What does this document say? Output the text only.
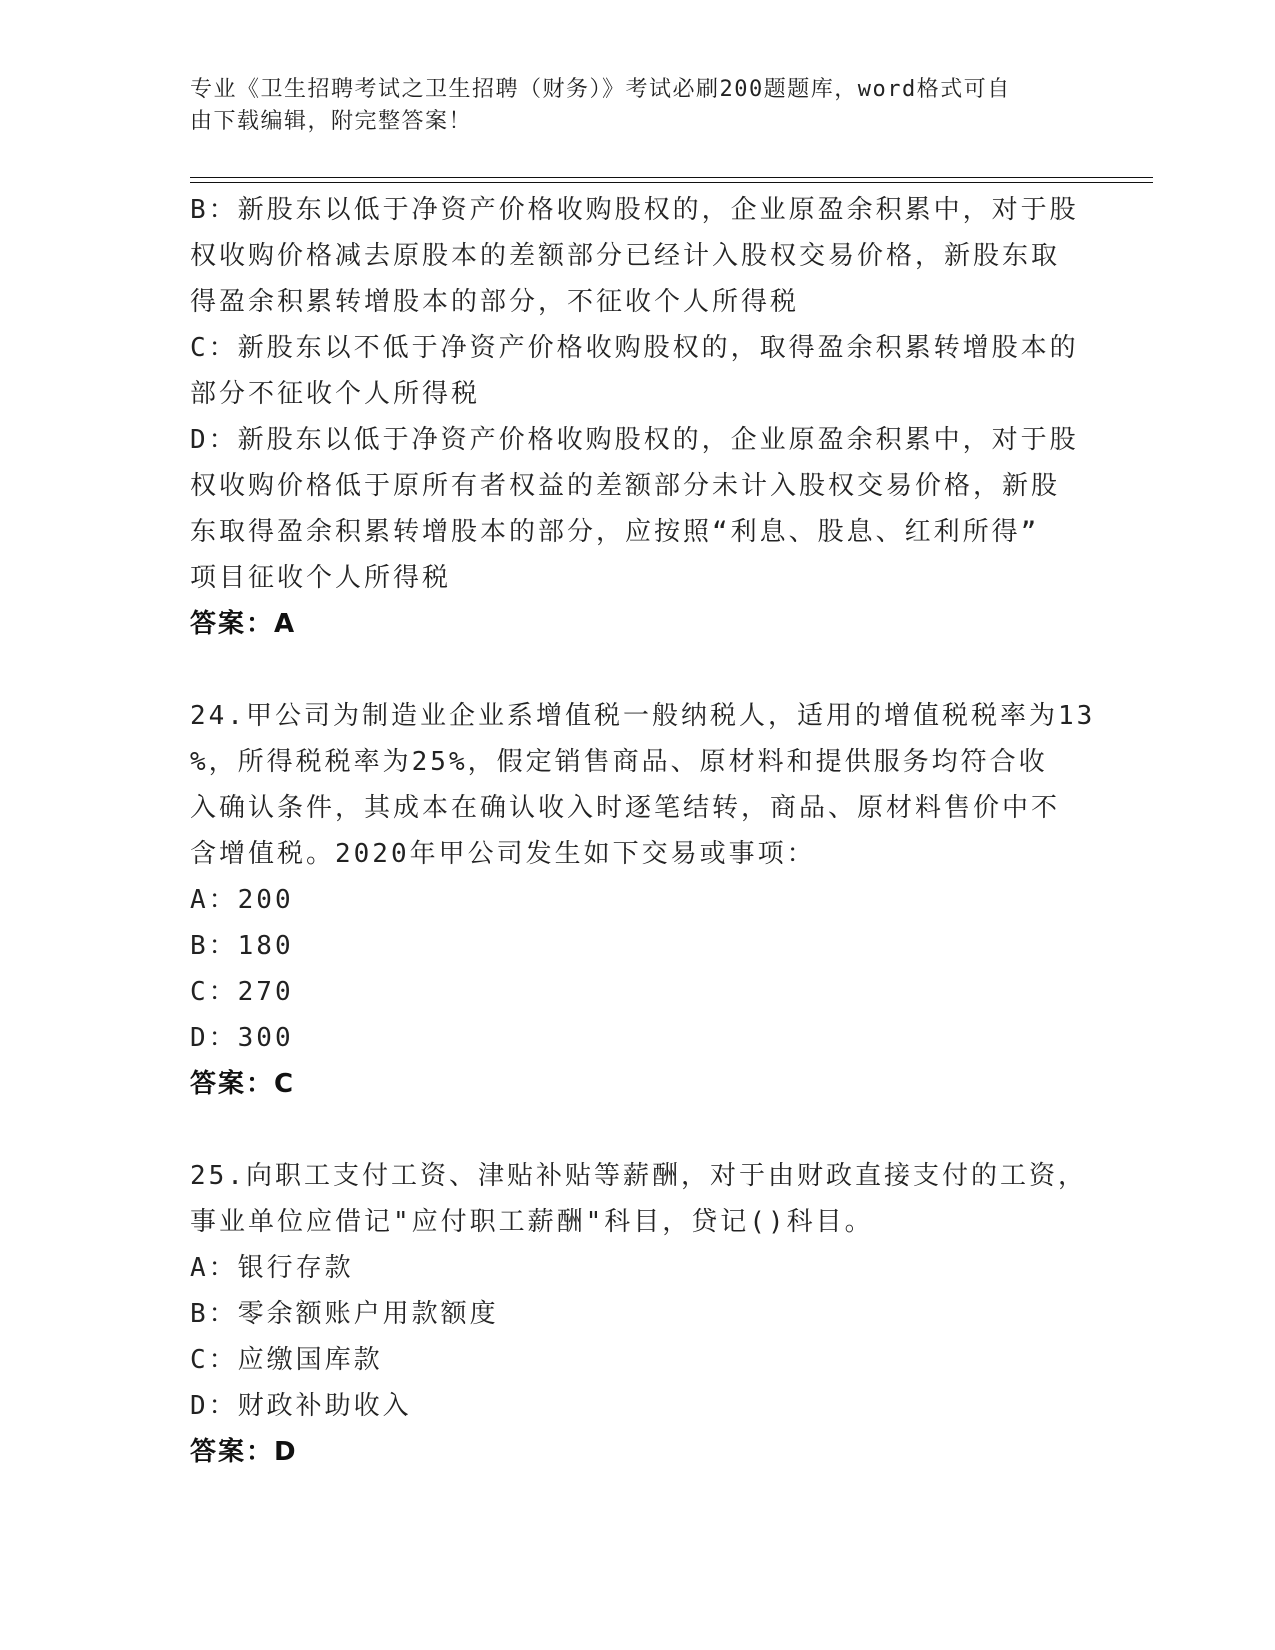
专业《卫生招聘考试之卫生招聘（财务）》考试必刷200题题库，word格式可自
由下载编辑，附完整答案！
B：新股东以低于净资产价格收购股权的，企业原盈余积累中，对于股
权收购价格减去原股本的差额部分已经计入股权交易价格，新股东取
得盈余积累转增股本的部分，不征收个人所得税
C：新股东以不低于净资产价格收购股权的，取得盈余积累转增股本的
部分不征收个人所得税
D：新股东以低于净资产价格收购股权的，企业原盈余积累中，对于股
权收购价格低于原所有者权益的差额部分未计入股权交易价格，新股
东取得盈余积累转增股本的部分，应按照“利息、股息、红利所得”
项目征收个人所得税
答案：A
24.甲公司为制造业企业系增值税一般纳税人，适用的增值税税率为13
%，所得税税率为25%，假定销售商品、原材料和提供服务均符合收
入确认条件，其成本在确认收入时逐笔结转，商品、原材料售价中不
含增值税。2020年甲公司发生如下交易或事项：
A：200
B：180
C：270
D：300
答案：C
25.向职工支付工资、津贴补贴等薪酬，对于由财政直接支付的工资，
事业单位应借记"应付职工薪酬"科目，贷记()科目。
A：银行存款
B：零余额账户用款额度
C：应缴国库款
D：财政补助收入
答案：D
